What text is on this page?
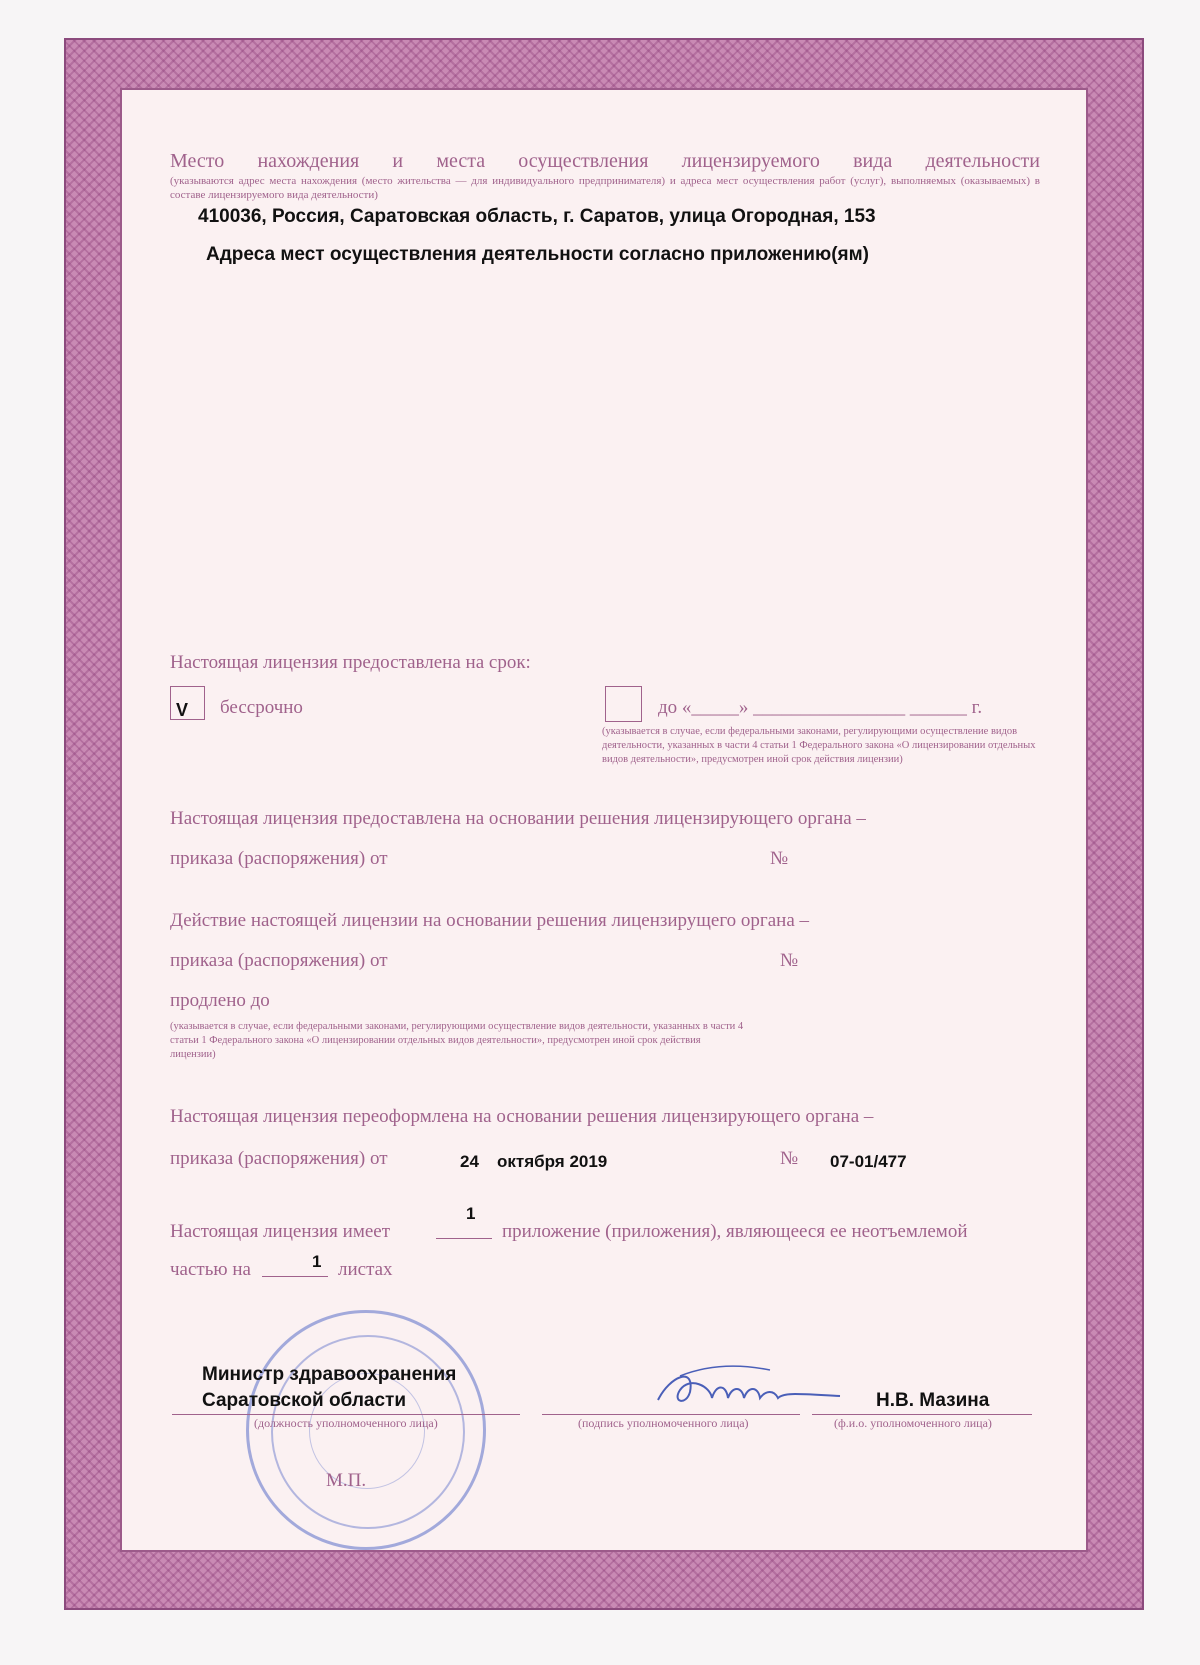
Место нахождения и места осуществления лицензируемого вида деятельности
(указываются адрес места нахождения (место жительства — для индивидуального предпринимателя) и адреса мест осуществления работ (услуг), выполняемых (оказываемых) в составе лицензируемого вида деятельности)
410036, Россия, Саратовская область, г. Саратов, улица Огородная, 153
Адреса мест осуществления деятельности согласно приложению(ям)
Настоящая лицензия предоставлена на срок:
V бессрочно	до «_____» ________________ ______ г.
(указывается в случае, если федеральными законами, регулирующими осуществление видов деятельности, указанных в части 4 статьи 1 Федерального закона «О лицензировании отдельных видов деятельности», предусмотрен иной срок действия лицензии)
Настоящая лицензия предоставлена на основании решения лицензирующего органа –
приказа (распоряжения) от	№
Действие настоящей лицензии на основании решения лицензирущего органа –
приказа (распоряжения) от	№
продлено до
(указывается в случае, если федеральными законами, регулирующими осуществление видов деятельности, указанных в части 4 статьи 1 Федерального закона «О лицензировании отдельных видов деятельности», предусмотрен иной срок действия лицензии)
Настоящая лицензия переоформлена на основании решения лицензирующего органа –
приказа (распоряжения) от	24 октября 2019	№ 07-01/477
Настоящая лицензия имеет
1
приложение (приложения), являющееся ее неотъемлемой
частью на	1 листах
Министр здравоохранения
Саратовской области
(должность уполномоченного лица)	(подпись уполномоченного лица)
Н.В. Мазина
(ф.и.о. уполномоченного лица)
М.П.
